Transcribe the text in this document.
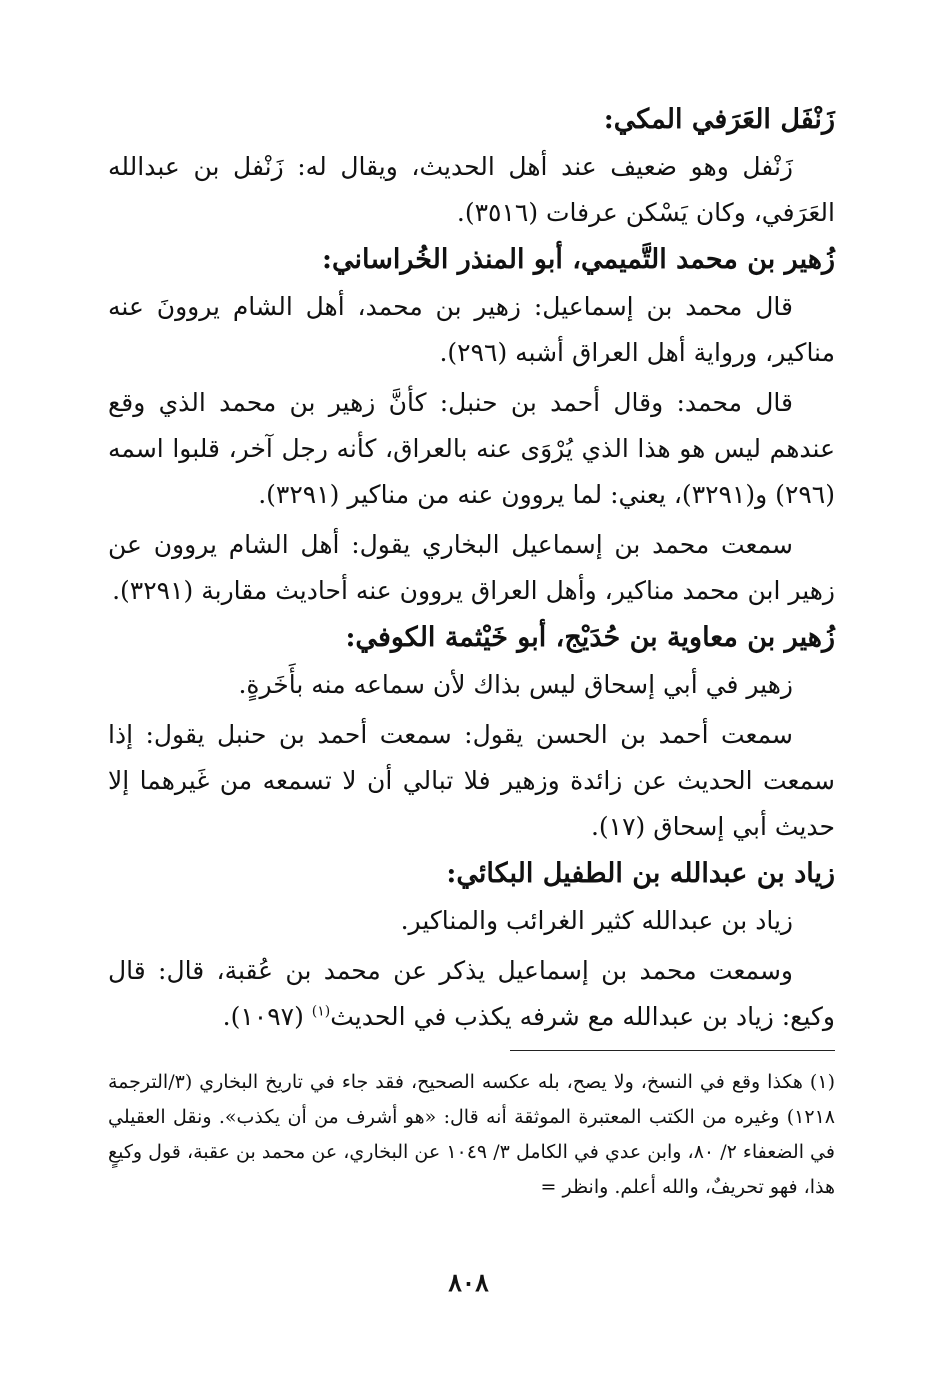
زَنْفَل العَرَفي المكي:

زَنْفل وهو ضعيف عند أهل الحديث، ويقال له: زَنْفل بن عبدالله العَرَفي، وكان يَسْكن عرفات (٣٥١٦).

زُهير بن محمد التَّميمي، أبو المنذر الخُراساني:

قال محمد بن إسماعيل: زهير بن محمد، أهل الشام يروونَ عنه مناكير، ورواية أهل العراق أشبه (٢٩٦).

قال محمد: وقال أحمد بن حنبل: كأنَّ زهير بن محمد الذي وقع عندهم ليس هو هذا الذي يُرْوَى عنه بالعراق، كأنه رجل آخر، قلبوا اسمه (٢٩٦) و(٣٢٩١)، يعني: لما يروون عنه من مناكير (٣٢٩١).

سمعت محمد بن إسماعيل البخاري يقول: أهل الشام يروون عن زهير ابن محمد مناكير، وأهل العراق يروون عنه أحاديث مقاربة (٣٢٩١).

زُهير بن معاوية بن حُدَيْج، أبو خَيْثمة الكوفي:

زهير في أبي إسحاق ليس بذاك لأن سماعه منه بأَخَرةٍ.

سمعت أحمد بن الحسن يقول: سمعت أحمد بن حنبل يقول: إذا سمعت الحديث عن زائدة وزهير فلا تبالي أن لا تسمعه من غَيرهما إلا حديث أبي إسحاق (١٧).

زياد بن عبدالله بن الطفيل البكائي:

زياد بن عبدالله كثير الغرائب والمناكير.

وسمعت محمد بن إسماعيل يذكر عن محمد بن عُقبة، قال: قال وكيع: زياد بن عبدالله مع شرفه يكذب في الحديث$^{(١)}$ (١٠٩٧).

(١) هكذا وقع في النسخ، ولا يصح، بله عكسه الصحيح، فقد جاء في تاريخ البخاري (٣/الترجمة ١٢١٨) وغيره من الكتب المعتبرة الموثقة أنه قال: «هو أشرف من أن يكذب». ونقل العقيلي في الضعفاء ٢/ ٨٠، وابن عدي في الكامل ٣/ ١٠٤٩ عن البخاري، عن محمد بن عقبة، قول وكيعٍ هذا، فهو تحريفٌ، والله أعلم. وانظر =
٨٠٨
